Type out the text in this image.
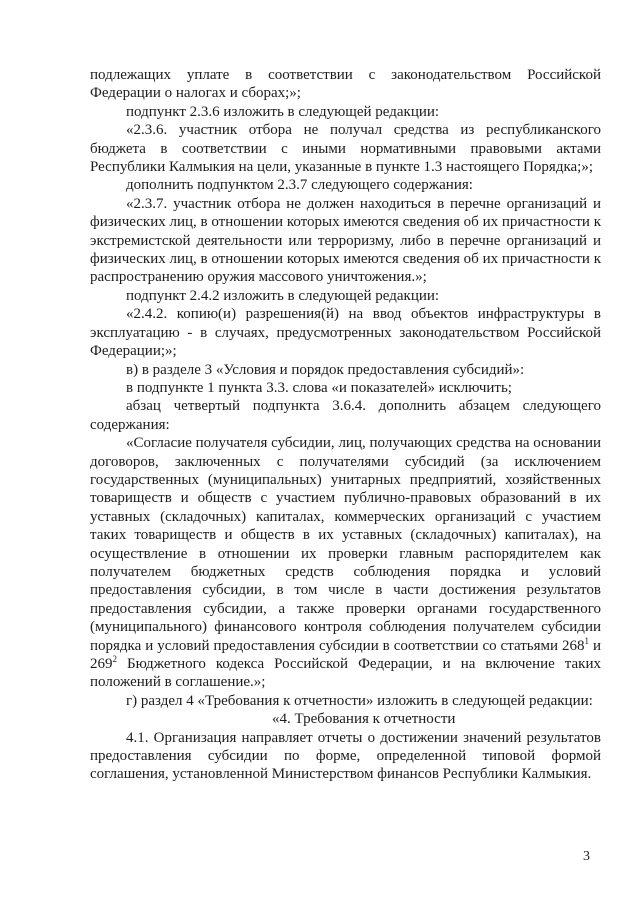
подлежащих уплате в соответствии с законодательством Российской Федерации о налогах и сборах;»;

подпункт 2.3.6 изложить в следующей редакции:

«2.3.6. участник отбора не получал средства из республиканского бюджета в соответствии с иными нормативными правовыми актами Республики Калмыкия на цели, указанные в пункте 1.3 настоящего Порядка;»;

дополнить подпунктом 2.3.7 следующего содержания:

«2.3.7. участник отбора не должен находиться в перечне организаций и физических лиц, в отношении которых имеются сведения об их причастности к экстремистской деятельности или терроризму, либо в перечне организаций и физических лиц, в отношении которых имеются сведения об их причастности к распространению оружия массового уничтожения.»;

подпункт 2.4.2 изложить в следующей редакции:

«2.4.2. копию(и) разрешения(й) на ввод объектов инфраструктуры в эксплуатацию - в случаях, предусмотренных законодательством Российской Федерации;»;

в) в разделе 3 «Условия и порядок предоставления субсидий»:

в подпункте 1 пункта 3.3. слова «и показателей» исключить;

абзац четвертый подпункта 3.6.4. дополнить абзацем следующего содержания:

«Согласие получателя субсидии, лиц, получающих средства на основании договоров, заключенных с получателями субсидий (за исключением государственных (муниципальных) унитарных предприятий, хозяйственных товариществ и обществ с участием публично-правовых образований в их уставных (складочных) капиталах, коммерческих организаций с участием таких товариществ и обществ в их уставных (складочных) капиталах), на осуществление в отношении их проверки главным распорядителем как получателем бюджетных средств соблюдения порядка и условий предоставления субсидии, в том числе в части достижения результатов предоставления субсидии, а также проверки органами государственного (муниципального) финансового контроля соблюдения получателем субсидии порядка и условий предоставления субсидии в соответствии со статьями $268^1$ и $269^2$ Бюджетного кодекса Российской Федерации, и на включение таких положений в соглашение.»;

г) раздел 4 «Требования к отчетности» изложить в следующей редакции:

«4. Требования к отчетности

4.1. Организация направляет отчеты о достижении значений результатов предоставления субсидии по форме, определенной типовой формой соглашения, установленной Министерством финансов Республики Калмыкия.

3
